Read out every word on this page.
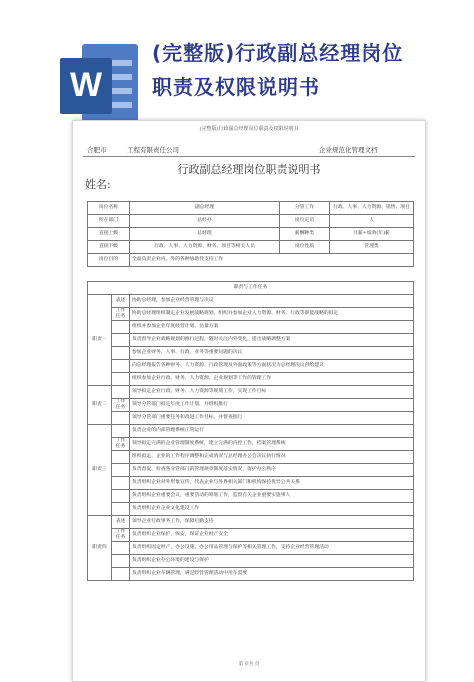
W
(完整版)行政副总经理岗位
职责及权限说明书
(完整版)行政副总经理岗位职责及权限说明书
合肥市	工程有限责任公司	企业规范化管理文档
行政副总经理岗位职责说明书
姓名:
岗位名称	副总经理	分管工作	行政、人事、人力资源、销售、项目
所在部门	总经办	岗位定员	人
直接上级	总经理	薪酬种类	月薪+绩效(年)薪
直接下级	行政、人事、人力资源、财务、项目等相关人员	岗位性质	管理类
岗位目的	全面负责企业内、外的各种协助性支持工作		
职责与工作任务		
职责一	表述	协助总经理，参加企业经营管理与决议
	工作任务	协助总经理组织制定企业发展战略规划，组织并参加企业人力资源、财务、行政等职能战略的拟定
		组织并参加企业年度经营计划、估量方案
		负责督导企业战略规划的推行过程，随时关注内外变化，提出战略调整方案
		参加企业财务、人事、行政、业务等重要问题的决议
		向总经理报告各种财务、人力资源、行政管理及外面政策等方面状况为总经理决议供给建议
		组织参加企业行政、财务、人力资源、企业规划等工作的管理工作
职责二		领导拟定企业行政、财务、人力资源等规划工作，实现工作目标
	工作任务	领导分管部门拟定年度工作计划，并组织推行
		领导分管部门重要任务和改进工作目标，并督查推行
职责三		负责企业的内部管理系统正常运行
	工作任务	领导拟定完满的企业管理制度系统，建立完满的内控工作，档案管理系统
		组织拟定、企业的工作程序调整和完成情况与总经理办公会决议执行情况
		负责督促，检查各分管部门的管理规章制度落实情况，保护办公秩序
		负责组织企业对外形象宣传，代表企业与外界相关部门和机构保持优异公共关系
		负责组织企业重要会议，重要活动的筹划工作，监督有关企业重要实施事人
		负责组织企业企业文化建设工作
职责四	表述	领导企业行政事务工作，保障后勤支持
	工作任务	负责组织企业保护，保安，保证企业财产安全
		负责组织固定财产，办公设施，办公用品管理与保护等相关管理工作，支持企业经营管理活动
		负责组织企业办公环境的建设与保护
		负责组织企业车辆管理，满足经营管理活动中用车需要
第 页共 页
